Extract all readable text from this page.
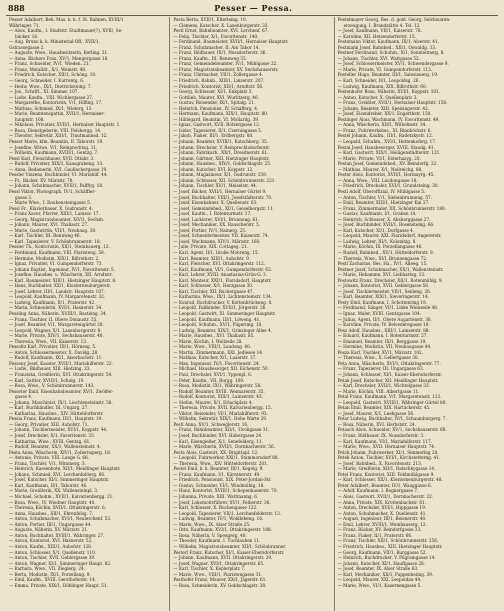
888	Pesser — Pessa.
Pesser Adalbert, Beh. Mus. k. k. f. St. Bahnen, XVIII/1
Währinger. 71.
— Alois, Kaufm., I. Stadtstr. Stadtmauer(?), XVII/, Se-
bäcker. 16.
— Aug. Bruno k. k. Ministerial-Off., XVII/1,
Gstrassegasse 2.
— Auguste, Wwe., Hausbesitzerin, Kerling. 21.
— Anna, Bäckers Frau, XV/1, Mengergasse 16.
— Franz, Schneider, IV/1, Wieden. 21.
— Franz, Metalldr., X/1, Weinstr. 48.
— Friedrich, Kutscher, XII/1, Schöng. 10.
— Georg, Schneider, I. Kurrentg. 6.
— Hedw. Wwe., IX/1, Dietrichsteing. 7.
— Jos., Schrift., XI. Simmer. 107.
— Ludw. Kaufm., VIII. Wichlergasse 27.
— Margarethe, Kontoristin, V/1, Hilfing. 17.
— Mathias, Schmied, IX/1, Wielerg. 13.
— Marie, Beamtensgattin, XVII/1, Hernalser-
hauptstr. 108.
— Nikolaus, Privatier, XVII/1, Hernalser Hauptstr. 1.
— Rosa, Dienstgeberin, VIII. Felsbergg. 14.
— Theodor, Sekretär, XIII/1, Trautmannsd. 12.
Pesser Marie, kfm. Beamtin, II. Taborstr. 19.
— Josefine, Witwe, V/1, Reinprechtsg. 11.
— Wilhelm, Kaufmann, XVIII/1, Gentzg. 7.
Pessl Karl, Fleischhauer, XVII. Ottakr. 3.
— Rudolf, Privatier, XIX/1, Kaasgrabeng. 13.
— Anna, Bedienerin, XVI. Gaullachergasse 19.
Pessler Vinzenz, Buchbinder, VI. Mariahilf. 44.
— Fr., Bäcker, XV. Märzstr. 78.
— Johann, Schuhmacher, XVII/1, Palffyg. 18.
Pessl Viktor, Photograph, IV/1, Schäffler-
gasse 3.
— Marie Wwe., I. Rauhensteingasse 5.
Pessl Fr., Klavierbauer, X. Gudrunstr. 4.
— Franz Xaver, Pfarrer, XIII/1, Lainzer. 17.
— Georg, Magistratsbeamter, XIV/1, Sechsh.
— Johann, Maurer, XVI. Thaliastr. 27.
— Marie, Gastwirtin, VII/1, Neubaug. 30.
— Karl, Tischler, III. Rennweg 46.
— Karl, Tapezierer, V. Schönbrunnerstr. 18.
Pessler Th., Kontoristin, XII/1, Steinbauerg. 12.
— Ferdinand, Kaufmann, VIII. Piaristeng. 50.
— Hermine, Modistin, XIX/1, Billrothstr. 2.
— Ignaz, Privatier, VI. Gumpendorferstr. 73.
— Johann Baptist, Ingenieur, IV/1, Favoritenstr. 5.
— Josefine, Hausbes. u. Wäscherin, XII. Arndtstr.
— Karl, Baumeister, XIII/1, Hietzinger Hauptstr. 6.
— Hans, Buchhalter, XX/1, Klosterneuburgerstr.
— Josef, Lehrer, III/1, Landstr. Hauptstr. 107.
— Leopold, Kaufmann, IV. Margaretenstr. 32.
— Ludwig, Kaufmann, II/1, Praterstr. 42.
— Maria, Schneiderin, XVI/1, Hasnerstr. 34.
Pessling Anna, Näherin, XVIII/1, Bastieng. 34.
— Franz, Tischler, II. Obere Donaustr. 55.
— Josef, Beamter, V/1, Margaretengürtel 20.
— Leopold, Wagner, X/1, Laxenburgerstr. 8.
— Marie, Private, XIV/1, Sechshauserstr. 40.
— Theresia, Wwe., VII. Kaiserstr. 13.
Pessoltz Karl, Privatier, III/1, Hörnesg. 5.
— Anton, Schlossermeister, X. Davidg. 28.
— Rudolf, Kaufmann, IX/1, Alserbachstr. 11.
Pesseny Josef, Kassier, XVII/1, Mariahilferstr. 22.
— Ludw., Bildhauer, XIII. Hietzing. 23.
— Franziska, Greißlerin, XVI. Ottakringerstr. 54.
— Karl, Sattler, XVIII/1, Schulg. 19.
— Rosa, Wwe., V. Schönbrunnerstr. 143.
Pesseter Emil, Eisenbahnbeamter, XV/1, Zwölfer-
gasse 4.
— Johann, Maschinist, IX/1, Liechtensteinstr. 58.
— Karl, Buchhändler, III. Ungarg. 27.
— Katharina, Hausbes., XIV. Hütteldorferstr.
Pessia Franz, Kaufmann, III/1, Hauptstr. 19.
— Georg, Privatier, XIII. Auhofstr. 71.
— Johann, Tischlermeister, XVI/1, Koppstr. 44.
— Josef, Drechsler, X/1, Favoritenstr. 33.
— Katharina, Wwe., XVIII. Gentzg. 81.
— Rudolf, Beamter, XX/1, Wallensteinstr. 4.
Pesta Anna, Wäscherin, XIV/1, Zollernsperg. 18.
— Antonie, Private, VIII. Lange G. 66.
— Franz, Tischler, V/1, Wimmerg. 3.
— Heinrich, Kassenbote, XII/1, Meidlinger Hauptstr.
— Johann, Schmied, XVI. Lerchenfelderg. 86.
— Josef, Kutscher, XI/1, Simmeringer Hauptstr.
— Karl, Kaufmann, II/1, Taborstr. 46.
— Marie, Greißlerin, XX. Wallensteinpl. 3.
— Michael, Schuhm., XVII/1, Kalvarienbergg. 21.
— Rosa, Wwe., IV. Wiedner Hauptstr. 40.
— Theresia, Köchin, XVII/1, Ottakringerstr. 6.
— Anna, Hausbes., XII/1, Ehrenfelsg. 7.
— Anton, Schuhmacher, XVI/1, Neulerchenf. 53.
— Anton, Portier, III/1, Ungargasse 44.
— Auguste, Näherin, XV. Märzstr. 21.
— Anton, Buchhalter, XVIII/1, Währinger. 27.
— Anton, Kontorist, XVI. Hasnerstr. 52.
— Anton, Kaufm., XIII/1, Auhofstr. 128.
— Anton, Schlosser, X/1, Quellenstr. 110.
— Anton, Tischler, XVII. Geblergasse 39.
— Anton, Wagner, XI/1, Simmeringer Haupt. 82.
— Barbara, Wwe., VII. Zieglerg. 24.
— Berta, Modistin, IX/1, Porzellang. 9.
— Emil, Kaufm., XVIII. Gersthoferstr. 14.
— Emma, Private, XIX/1, Döblinger Haupt. 51.
Pesta Berta, XVII/1, Elterleing. 10.
— Clemens, Kutscher, X. Laxenburgerstr. 33.
Pestl Ernst, Bahnbeamter, XVI. Lerchenf. 67.
— Felix, Tischler, X/1, Favoritenstr. 140.
— Ferdinand, Baumeister, XVII/1, Hernalser Hauptstr.
— Franz, Schuhmacher, II. Am Tabor 14.
— Franz, Bildhauer, IX/1, Nussdorferstr. 36.
— Franz, Kaufm., III. Rennweg 55.
— Franz, Gemeindebeamter, IV/1, Mühlgasse 22.
— Franz, Magistratsbeamter, XV. Sechshauserstr.
— Franz, Uhrmacher, VII/1, Zollergasse 4.
— Friedrich, Bahnb., XIII/1, Linzerstr. 207.
— Friedrich, Kontorist, XII/1, Arndtstr. 56.
— Georg, Schlosser, XI/1, Enkplatz 3.
— Gottlieb, Maurer, XVI. Wurlitzerg. 46.
— Gustav, Reisender, IX/1, Spitalg. 21.
— Heinrich, Pensionist, IV. Schäfferg. 4.
— Hermann, Kaufmann, XIX/1, Hauptstr. 80.
— Hildegard, Beamtin, VI. Mollardg. 39.
— Ignaz, Gastwirt, XVII. Rötzergasse 12.
— Isidor, Tapezierer, II/1, Czerningasse 5.
— Jakob, Fiaker, III/1, Erdbergstr. 88.
— Johann, Beamter, XVIII/1, Kutschkerg. 35.
— Johann, Drechsler, V. Reinprechtsdorferstr.
— Johann, Fabrikarb., XX/1, Dresdnerstr. 61.
— Johann, Gärtner, XIII. Hietzinger Hauptstr.
— Johann, Hausbes., XIV/1, Goldschlagstr. 25.
— Johann, Kutscher, XVI. Koppstr. 12.
— Johann, Magazineur, X/1, Gudrunstr. 159.
— Johann, Schlosser, XII. Schönbrunnerstr. 221.
— Johann, Tischler, XV/1, Meiselstr. 44.
— Josef, Bäcker, XVII/1, Hernalser Gürtel 9.
— Josef, Buchhalter, VIII/1, Josefstädterstr. 70.
— Josef, Eisenbahner, X. Quellenstr. 63.
— Josef, Gemeindebed., XI/1, Geiselbergstr. 11.
— Josef, Kaufm., I. Rotenturmstr. 17.
— Josef, Lackierer, XVI/1, Brunneng. 61.
— Josef, Mechaniker, XX. Rauscherstr. 5.
— Josef, Portier, IV/1, Rainerg. 25.
— Josef, Schneidermeister, VII. Kaiserstr. 74.
— Josef, Wachmann, XIV/1, Märzstr. 160.
— Julie, Private, XIX. Cottageg. 21.
— Karl, Agent, II/1, Große Mohreng. 15.
— Karl, Beamter, XIII/1, Auhofstr. 9.
— Karl, Fleischer, XVI. Ottakringerstr. 112.
— Karl, Kaufmann, VI/1, Gumpendorferstr. 62.
— Karl, Lehrer, XVIII. Anastasius-Grün-G. 3.
— Karl, Monteur, XXI/1, Floridsdorf, Hauptstr.
— Karl, Schlosser, X/1, Herzgasse 30.
— Karl, Tischler, XII. Ruckergasse 47.
— Katharina, Wwe., IX/1, Lichtensteinstr. 134.
— Konrad, Buchdrucker, V. Kettenbrückeng. 8.
— Leopold, Faßbinder, XVII/1, Jörgerstr. 26.
— Leopold, Gastwirt, XI. Simmeringer Hauptstr.
— Leopold, Kaufmann, III/1, Löweng. 41.
— Leopold, Schuhm., XV/1, Pilgerimg. 18.
— Ludwig, Beamter, XIX/1, Grinzinger Allee 4.
— Marie, Hausbes., XVI. Thaliastr. 85.
— Marie, Köchin, I. Wollzeile 28.
— Marie, Wwe., VIII/1, Laudong. 40.
— Martin, Zimmermann, XXI. Jedlesee 14.
— Mathias, Kutscher, X/1, Laaerstr. 37.
— Max, Ingenieur, IV/1, Favoritenstr. 24.
— Michael, Hausbesorger, XII. Eichenstr. 50.
— Paul, Drechsler, XVI/1, Yppenpl. 6.
— Peter, Kaufm., VII. Burgg. 109.
— Rosa, Modistin, IX/1, Währingerstr. 58.
— Rudolf, Beamter, XVIII. Weimarerstr. 35.
— Rudolf, Kontorist, XIII/1, Lainzerstr. 43.
— Stefan, Maurer, X/1, Erlachplatz 4.
— Theresia, Private, XVII. Kalvarienbergg. 15.
— Viktor, Reisender, VI/1, Mariahilferstr. 93.
— Wilhelm, Sekretär, XIX/1, Hohe Warte 29.
Pestl Anna, XV/1, Schweglerstr. 16.
— Franz, Bahnbeamter, XII/1, Tivoligasse 31.
— Josef, Buchbinder, XVI. Hubergasse 24.
— Karl, Eisengießer, X/1, Senefelderg. 11.
— Marie, Wäscherin, XVII/1, Dornbacherstr. 56.
Pesta Alois, Gastwirt, XX. Brigittapl. 12.
— Leopold, Fuhrwerker, XXI/1, Stammersdorf 88.
— Theresia, Wwe., XIV. Hütteldorferstr. 201.
Pestel Emil, k. k. Beamter, III/1, Kegelg. 9.
— Franz, Kaufmann, I/1, Kärntnerstr. 49.
— Friedrich, Pensionist, XIX. Peter-Jordan-Str.
— Gustav, Schneider, VI/1, Windmühlg. 18.
— Hans, Kontorist, XVIII/1, Schopenhauerstr. 70.
— Johanna, Private, XIII. Wattmanng. 6.
— Josef, Lokomotivführer, XV/1, Felberstr. 36.
— Karl, Schlosser, X. Buchengasse 122.
— Leopold, Tapezierer, VII/1, Lerchenfelderstr. 13.
— Ludwig, Beamter, IV/1, Wohllebeng. 16.
— Marie, Wwe., IX. Alser Straße 25.
— Otto, Kaufmann, XVI/1, Ottakringerstr. 188.
— Rosa, Näherin, V. Spengerg. 40.
— Theodor, Kaufmann, I. Tuchlauben 11.
— Wilhelm, Magistratsbeamter, XII/1, Schönbrunner.
Pesterl Franz, Kutscher, XI/1, Kaiser-Ebersdorferstr.
— Johann, Kaufmann, XVII. Ottakringerstr. 29.
— Josef, Wagner, XVI/1, Ottakringerstr. 65.
— Karl, Tischler, X. Keplerplatz 7.
— Marie, Wwe., VIII/1, Piaristengasse 31.
Pesthofer Franz, Maurer, XX/1, Jägerstr. 61.
— Rosa, Schneiderin, XV. Goldschlagstr. 38.
Pestelmayer Georg, Bes. d. gold. Georg, Selchwaren-
erzeugung, I. Brandstätte 4. Tel. 12.
— Josef, Kaufmann, VII/1, Kaiserstr. 78.
— Karoline, XII. Hetzendorferstr. 15.
Pestemann Viktor, Kaufmann, IX/1, Alserstr. 41.
Pestmann Josef, Bahnbed., XII/1, Oswaldg. 33.
Pestner Ferdinand, Schuhm., X/1, Sonnleitnerg. 8.
— Johann, Tischler, XVI. Wattgasse 52.
— Josef, Schlossermeister, XV/1, Schwendergasse 9.
— Marie, Private, VI. Gumpendorferstr. 113.
Pesteller Hugo, Beamter, III/1, Salesianerg. 19.
— Karl, Schneider, II/1, Leopoldsg. 26.
— Ludwig, Kaufmann, XIX. Billrothstr. 60.
Pestenhofer Rosa, Näherin, XVI/1, Koppstr. 101.
— Anton, Kutscher, X. Quellenplatz 3.
— Franz, Greißler, XVII/1, Hernalser Hauptstr. 158.
— Johann, Beamter, XIII. Speisingerstr. 42.
— Josef, Eisendreher, XX/1, Engerthstr. 150.
Pestinger Alois, Wachmann, IV. Favoritenstr. 49.
— Anna, Wäscherin, XII/1, Wilhelmstr. 34.
— Franz, Fuhrwerksbes., XI. Rinnböckstr. 6.
Pestel Johann, Kaufm., III/1, Radetzkystr. 12.
— Leopold, Schuhm., XVI/1, Hettenkoferg. 17.
Pestal Josef, Hausbesorger, XVIII. Staudg. 41.
— Karl, Gastwirt, XIX/1, Heiligenstädterstr. 121.
— Marie, Private, VI/1, Esterhazyg. 20.
Pestan Josef, Gemeindebed., XV. Reindorfg. 22.
— Mathias, Maurer, X/1, Neilreichg. 88.
Pester Alois, Kontorist, XVII/1, Hormayrg. 45.
— Anna, Wwe., VIII. Laudongasse 18.
— Friedrich, Drechsler, XVI/1, Grundsteing. 30.
Pestl Adolf, Oberoffizial, IV. Mühlgasse 5.
— Anton, Tischler, V/1, Siebenbrunneng. 57.
— Emil, Beamter, XIII/1, Hietzinger Kai 37.
— Franz, Zimmermaler, XII. Schönbrunnerstr. 180.
— Gustav, Kaufmann, I/1, Graben 14.
— Heinrich, Schlosser, X. Absberggasse 27.
— Josef, Buchbinder, XVII/1, Rosensteing. 66.
— Karl, Kutscher, XI/1, Dorfgasse 4.
— Leopold, Maurer, XXI. Floridsdorf, Angererstr.
— Ludwig, Lehrer, III/1, Kolonitzg. 8.
— Marie, Köchin, IX. Porzellangasse 46.
— Rudolf, Bahnbed., XV/1, Hütteldorferstr. 9.
— Theresia, Wwe., XVI. Brunnengasse 72.
Pestl Zacharias, Bes. Ha., IV/1, Alleeg. 15.
Pestner Josef, Schuhmacher, XX/1, Wallensteinstr.
— Marie, Hebamme, XVI. Liebhartsg. 12.
Pestowitz Franz, Drechsler, XII/1, Rotenmühlg. 9.
— Johann, Kontorist, XVII. Geblergasse 58.
— Josef, Tischlermeister, VII/1, Seideng. 26.
— Karl, Beamter, XIX/1, Sieveringerstr. 14.
Pesty Emil, Kaufmann, I. Schottenring 19.
— Ferdinand, Sänger, VI/1, Linke Wienzeile 48.
— Ignaz, Maler, XVIII. Gentzgasse 104.
— Julius, Agent, II/1, Obere Augartenstr. 36.
— Karoline, Private, IV. Belvederegasse 10.
Pesz Adolf, Hausbes., XIII/1, Lainzerstr. 88.
— Eduard, Kaufmann, I. Rotenturmstr. 27.
— Emanuel, Beamter, IX/1, Berggasse 19.
— Hermine, Modistin, VII. Neubaugasse 44.
Pesza Karl, Tischler, XV/1, Märzstr. 102.
— Theresia, Wwe., X. Gellertgasse 30.
Peta Anna, Wäscherin, XVI/1, Ottakringerstr. 77.
— Franz, Tapezierer, III. Ungargasse 63.
— Johann, Schlosser, XI/1, Kaiser-Ebersdorferstr.
Petak Josef, Kutscher, XII. Meidlinger Hauptstr.
— Karl, Drechsler, XVII/1, Wichtelgasse 33.
— Marie, Köchin, VIII. Albertgasse 11.
Petal Franz, Kaufmann, V/1, Margaretenstr. 113.
— Leopold, Gastwirt, XVIII/1, Währinger Gürtel 80.
Petan Emil, Beamter, XIX. Hartäckerstr. 45.
— Josef, Maurer, X/1, Leebgasse 56.
Petar Ludwig, Buchhalter, IV/1, Schaumburgerg. 7.
— Rosa, Näherin, XVI. Herbststr. 24.
Petasch Alois, Schneider, XV/1, Sechshauserstr. 68.
— Franz, Bildhauer, IX. Nussdorferstr. 3.
— Karl, Kaufmann, VI/1, Mariahilferstr. 117.
— Marie, Wwe., XVII. Hernalser Hauptstr. 74.
Petch Johann, Fuhrwerker, XI/1, Simmering 20.
Petek Anton, Tischler, XVI/1, Kirchstetterng. 41.
— Josef, Bahnbed., X. Favoritenstr. 213.
— Marie, Greißlerin, XII/1, Ratschkygasse 14.
Petel Franz, Kontorist, XIII. Feldmühlgasse 9.
— Karl, Schlosser, XX/1, Klosterneuburgerstr. 48.
Peter Adalbert, Beamter, IV/1, Waaggasse 6.
— Adolf, Kaufmann, I. Bognergasse 7.
— Alois, Gastwirt, XVII/1, Dornbacherstr. 22.
— Anna, Private, XIX. Krottenbachstr. 61.
— Anton, Drechsler, XVI/1, Hippgasse 19.
— Anton, Schuhmacher, X. Quellenstr. 41.
— August, Ingenieur, III/1, Reisnerstr. 40.
— Emil, Lehrer, XVIII/1, Weinhauserg. 12.
— Franz, Bäcker, XV. Reindorfgasse 33.
— Franz, Fiaker, II/1, Praterstr. 66.
— Franz, Tischler, XII/1, Schönbrunnerstr. 256.
— Friedrich, Hausbes., XIII. Hietzinger Hauptstr.
— Georg, Kaufmann, VII/1, Burggasse 52.
— Heinrich, Buchdrucker, V. Pilgramgasse 14.
— Johann, Kutscher, XI/1, Hauffgasse 28.
— Josef, Beamter, IX. Alser Straße 63.
— Karl, Mechaniker, XX/1, Pappenheimg. 39.
— Leopold, Maurer, XXI. Leopoldau 44.
— Marie, Wwe., VI/1, Kasernengasse 5.
